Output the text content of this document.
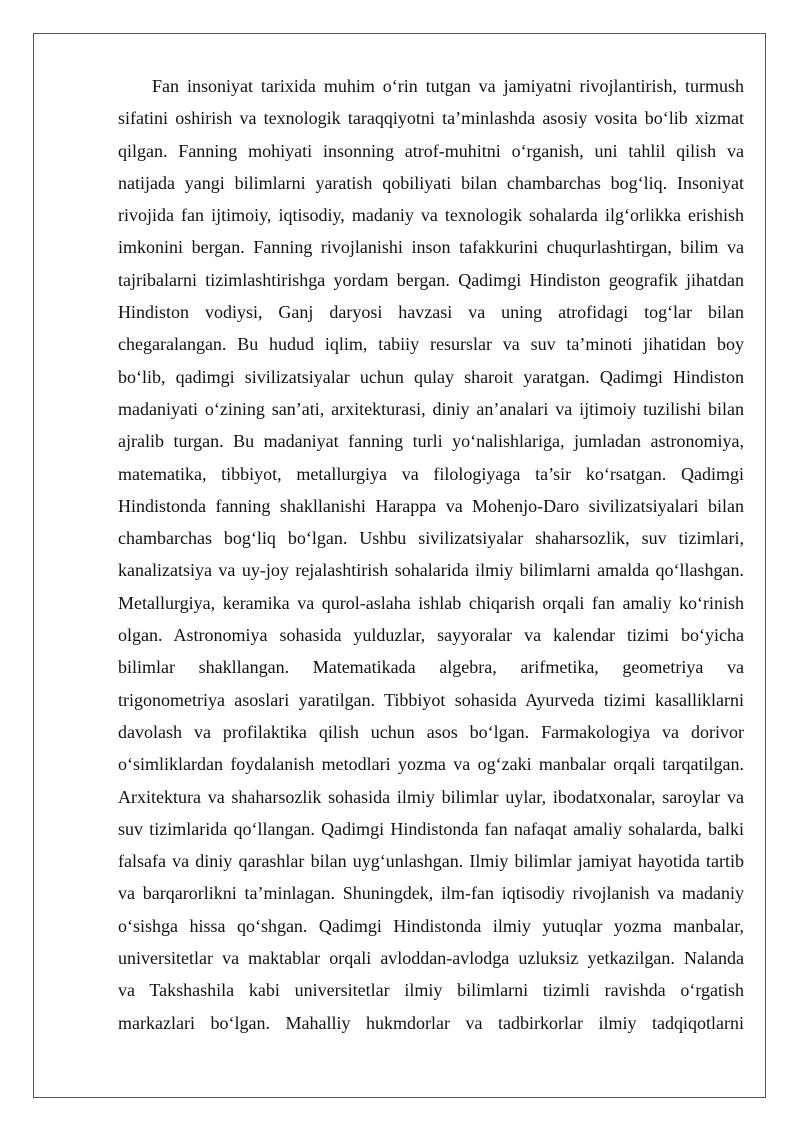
Fan insoniyat tarixida muhim o‘rin tutgan va jamiyatni rivojlantirish, turmush
sifatini oshirish va texnologik taraqqiyotni ta’minlashda asosiy vosita bo‘lib xizmat
qilgan. Fanning mohiyati insonning atrof-muhitni o‘rganish, uni tahlil qilish va
natijada yangi bilimlarni yaratish qobiliyati bilan chambarchas bog‘liq. Insoniyat
rivojida fan ijtimoiy, iqtisodiy, madaniy va texnologik sohalarda ilg‘orlikka erishish
imkonini bergan. Fanning rivojlanishi inson tafakkurini chuqurlashtirgan, bilim va
tajribalarni tizimlashtirishga yordam bergan. Qadimgi Hindiston geografik jihatdan
Hindiston vodiysi, Ganj daryosi havzasi va uning atrofidagi tog‘lar bilan
chegaralangan. Bu hudud iqlim, tabiiy resurslar va suv ta’minoti jihatidan boy
bo‘lib, qadimgi sivilizatsiyalar uchun qulay sharoit yaratgan. Qadimgi Hindiston
madaniyati o‘zining san’ati, arxitekturasi, diniy an’analari va ijtimoiy tuzilishi bilan
ajralib turgan. Bu madaniyat fanning turli yo‘nalishlariga, jumladan astronomiya,
matematika, tibbiyot, metallurgiya va filologiyaga ta’sir ko‘rsatgan. Qadimgi
Hindistonda fanning shakllanishi Harappa va Mohenjo-Daro sivilizatsiyalari bilan
chambarchas bog‘liq bo‘lgan. Ushbu sivilizatsiyalar shaharsozlik, suv tizimlari,
kanalizatsiya va uy-joy rejalashtirish sohalarida ilmiy bilimlarni amalda qo‘llashgan.
Metallurgiya, keramika va qurol-aslaha ishlab chiqarish orqali fan amaliy ko‘rinish
olgan. Astronomiya sohasida yulduzlar, sayyoralar va kalendar tizimi bo‘yicha
bilimlar shakllangan. Matematikada algebra, arifmetika, geometriya va
trigonometriya asoslari yaratilgan. Tibbiyot sohasida Ayurveda tizimi kasalliklarni
davolash va profilaktika qilish uchun asos bo‘lgan. Farmakologiya va dorivor
o‘simliklardan foydalanish metodlari yozma va og‘zaki manbalar orqali tarqatilgan.
Arxitektura va shaharsozlik sohasida ilmiy bilimlar uylar, ibodatxonalar, saroylar va
suv tizimlarida qo‘llangan. Qadimgi Hindistonda fan nafaqat amaliy sohalarda, balki
falsafa va diniy qarashlar bilan uyg‘unlashgan. Ilmiy bilimlar jamiyat hayotida tartib
va barqarorlikni ta’minlagan. Shuningdek, ilm-fan iqtisodiy rivojlanish va madaniy
o‘sishga hissa qo‘shgan. Qadimgi Hindistonda ilmiy yutuqlar yozma manbalar,
universitetlar va maktablar orqali avloddan-avlodga uzluksiz yetkazilgan. Nalanda
va Takshashila kabi universitetlar ilmiy bilimlarni tizimli ravishda o‘rgatish
markazlari bo‘lgan. Mahalliy hukmdorlar va tadbirkorlar ilmiy tadqiqotlarni
